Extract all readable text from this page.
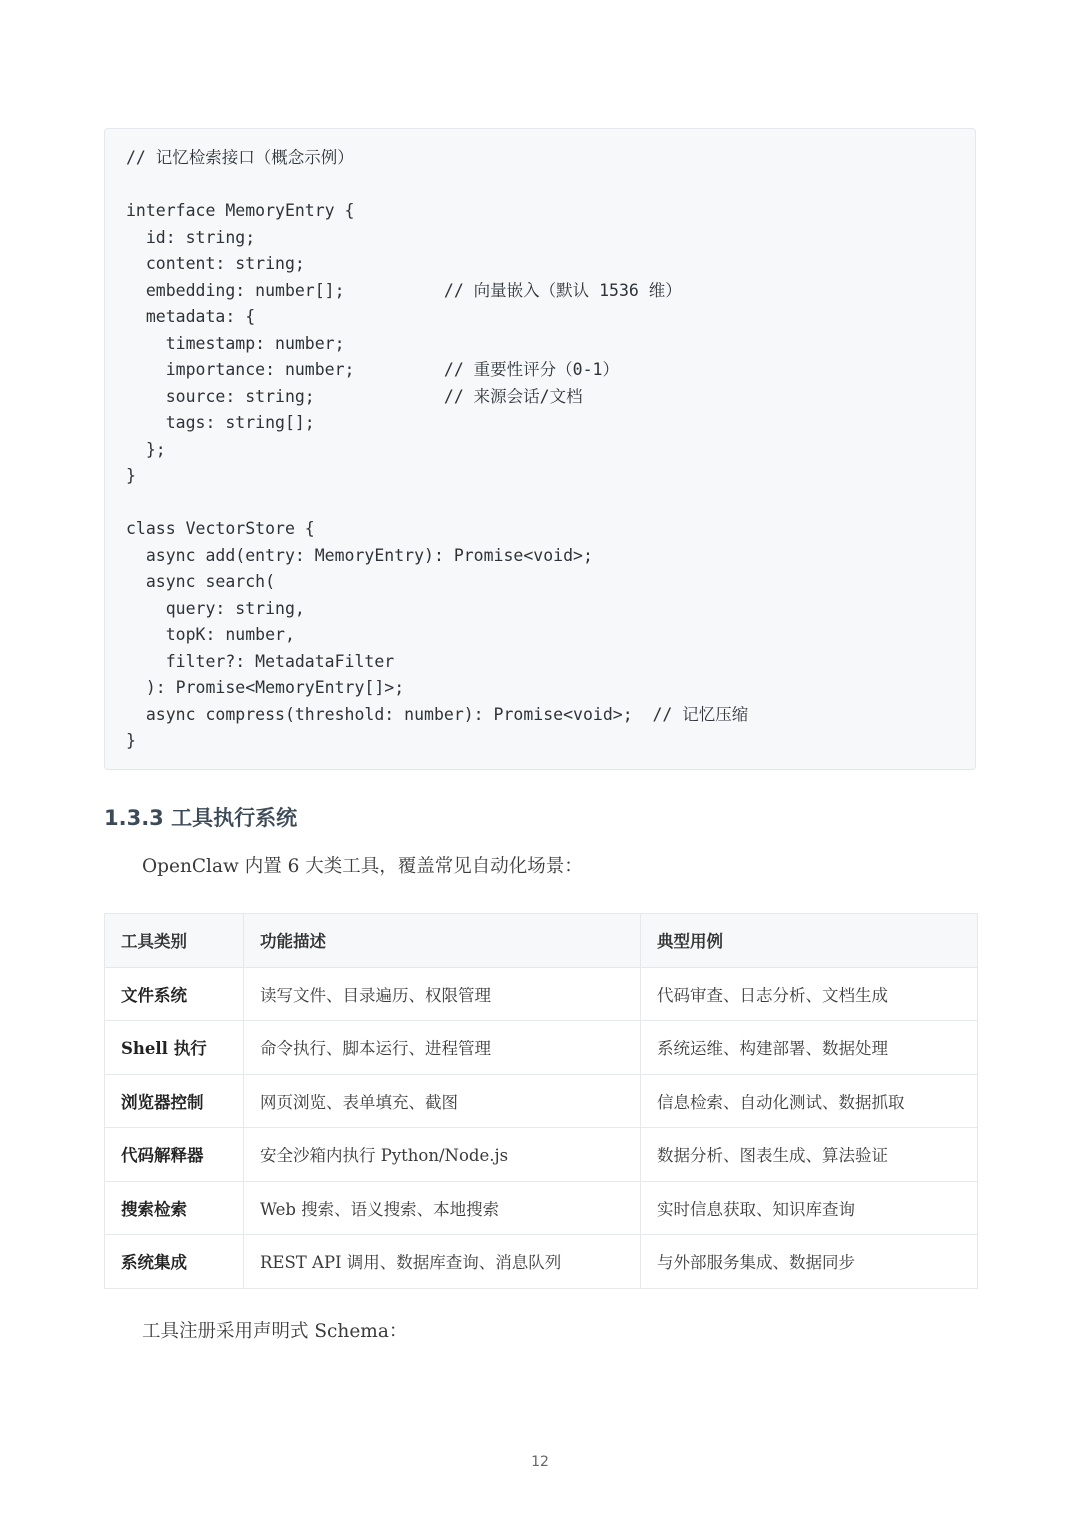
// 记忆检索接口（概念示例）
interface MemoryEntry {
id: string;
content: string;
embedding: number[];          // 向量嵌入（默认 1536 维）
metadata: {
timestamp: number;
importance: number;         // 重要性评分（0-1）
source: string;             // 来源会话/文档
tags: string[];
};
}
class VectorStore {
async add(entry: MemoryEntry): Promise<void>;
async search(
query: string,
topK: number,
filter?: MetadataFilter
): Promise<MemoryEntry[]>;
async compress(threshold: number): Promise<void>;  // 记忆压缩
}
1.3.3 工具执行系统

OpenClaw 内置 6 大类工具，覆盖常见自动化场景：

工具类别	功能描述	典型用例
文件系统	读写文件、目录遍历、权限管理	代码审查、日志分析、文档生成
Shell 执行	命令执行、脚本运行、进程管理	系统运维、构建部署、数据处理
浏览器控制	网页浏览、表单填充、截图	信息检索、自动化测试、数据抓取
代码解释器	安全沙箱内执行 Python/Node.js	数据分析、图表生成、算法验证
搜索检索	Web 搜索、语义搜索、本地搜索	实时信息获取、知识库查询
系统集成	REST API 调用、数据库查询、消息队列	与外部服务集成、数据同步

工具注册采用声明式 Schema：

12
